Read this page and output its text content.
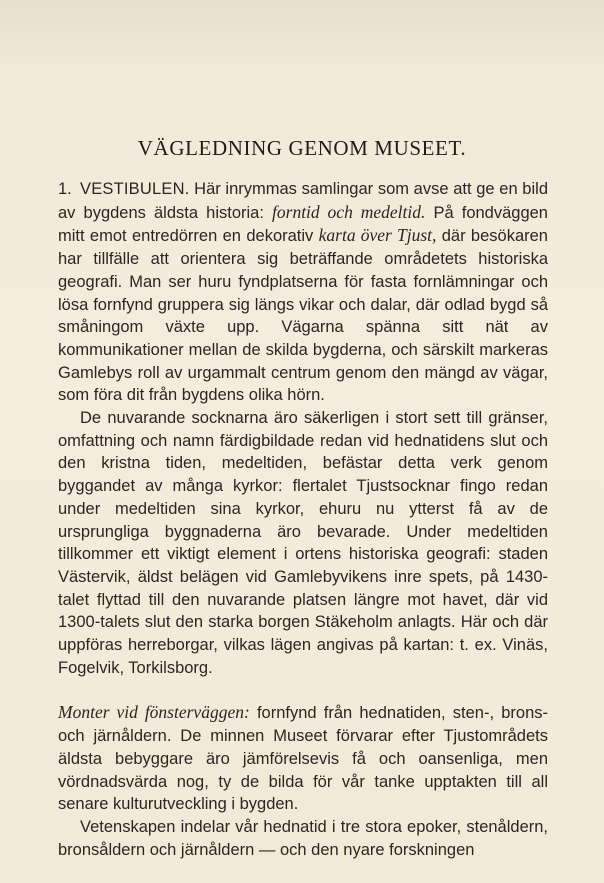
VÄGLEDNING GENOM MUSEET.

1. VESTIBULEN. Här inrymmas samlingar som avse att ge en bild av bygdens äldsta historia: forntid och medeltid. På fondväggen mitt emot entredörren en dekorativ karta över Tjust, där besökaren har tillfälle att orientera sig beträffande områdetets historiska geografi. Man ser huru fyndplatserna för fasta fornlämningar och lösa fornfynd gruppera sig längs vikar och dalar, där odlad bygd så småningom växte upp. Vägarna spänna sitt nät av kommunikationer mellan de skilda bygderna, och särskilt markeras Gamlebys roll av urgammalt centrum genom den mängd av vägar, som föra dit från bygdens olika hörn.

De nuvarande socknarna äro säkerligen i stort sett till gränser, omfattning och namn färdigbildade redan vid hednatidens slut och den kristna tiden, medeltiden, befästar detta verk genom byggandet av många kyrkor: flertalet Tjustsocknar fingo redan under medeltiden sina kyrkor, ehuru nu ytterst få av de ursprungliga byggnaderna äro bevarade. Under medeltiden tillkommer ett viktigt element i ortens historiska geografi: staden Västervik, äldst belägen vid Gamlebyvikens inre spets, på 1430-talet flyttad till den nuvarande platsen längre mot havet, där vid 1300-talets slut den starka borgen Stäkeholm anlagts. Här och där uppföras herreborgar, vilkas lägen angivas på kartan: t. ex. Vinäs, Fogelvik, Torkilsborg.

Monter vid fönsterväggen: fornfynd från hednatiden, sten-, brons- och järnåldern. De minnen Museet förvarar efter Tjustområdets äldsta bebyggare äro jämförelsevis få och oansenliga, men vördnadsvärda nog, ty de bilda för vår tanke upptakten till all senare kulturutveckling i bygden.

Vetenskapen indelar vår hednatid i tre stora epoker, stenåldern, bronsåldern och järnåldern — och den nyare forskningen
